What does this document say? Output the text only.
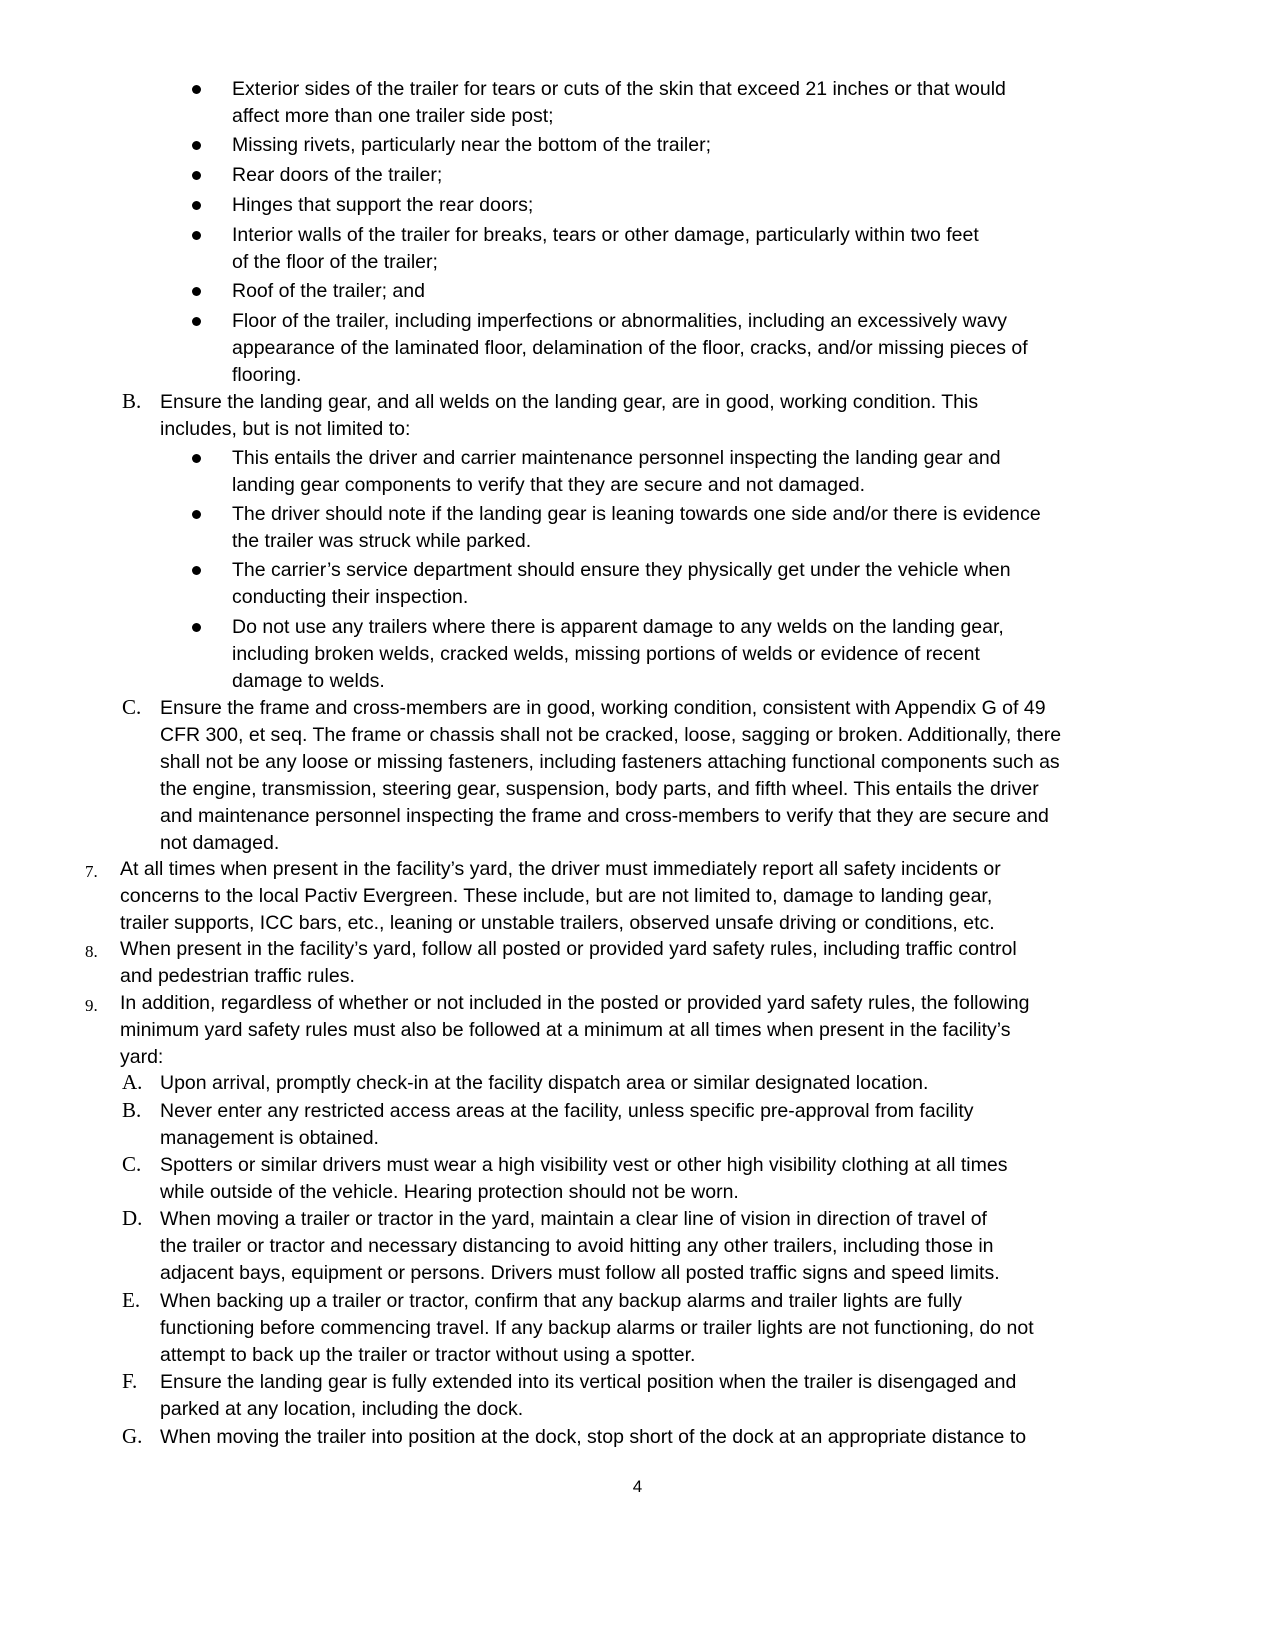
Exterior sides of the trailer for tears or cuts of the skin that exceed 21 inches or that would
affect more than one trailer side post;
Missing rivets, particularly near the bottom of the trailer;
Rear doors of the trailer;
Hinges that support the rear doors;
Interior walls of the trailer for breaks, tears or other damage, particularly within two feet
of the floor of the trailer;
Roof of the trailer; and
Floor of the trailer, including imperfections or abnormalities, including an excessively wavy
appearance of the laminated floor, delamination of the floor, cracks, and/or missing pieces of
flooring.
B. Ensure the landing gear, and all welds on the landing gear, are in good, working condition. This
includes, but is not limited to:
This entails the driver and carrier maintenance personnel inspecting the landing gear and
landing gear components to verify that they are secure and not damaged.
The driver should note if the landing gear is leaning towards one side and/or there is evidence
the trailer was struck while parked.
The carrier’s service department should ensure they physically get under the vehicle when
conducting their inspection.
Do not use any trailers where there is apparent damage to any welds on the landing gear,
including broken welds, cracked welds, missing portions of welds or evidence of recent
damage to welds.
C. Ensure the frame and cross-members are in good, working condition, consistent with Appendix G of 49
CFR 300, et seq. The frame or chassis shall not be cracked, loose, sagging or broken. Additionally, there
shall not be any loose or missing fasteners, including fasteners attaching functional components such as
the engine, transmission, steering gear, suspension, body parts, and fifth wheel. This entails the driver
and maintenance personnel inspecting the frame and cross-members to verify that they are secure and
not damaged.
7.	At all times when present in the facility’s yard, the driver must immediately report all safety incidents or
concerns to the local Pactiv Evergreen. These include, but are not limited to, damage to landing gear,
trailer supports, ICC bars, etc., leaning or unstable trailers, observed unsafe driving or conditions, etc.
8.	When present in the facility’s yard, follow all posted or provided yard safety rules, including traffic control
and pedestrian traffic rules.
9.	In addition, regardless of whether or not included in the posted or provided yard safety rules, the following
minimum yard safety rules must also be followed at a minimum at all times when present in the facility’s
yard:
A. Upon arrival, promptly check-in at the facility dispatch area or similar designated location.
B. Never enter any restricted access areas at the facility, unless specific pre-approval from facility
management is obtained.
C. Spotters or similar drivers must wear a high visibility vest or other high visibility clothing at all times
while outside of the vehicle. Hearing protection should not be worn.
D. When moving a trailer or tractor in the yard, maintain a clear line of vision in direction of travel of
the trailer or tractor and necessary distancing to avoid hitting any other trailers, including those in
adjacent bays, equipment or persons. Drivers must follow all posted traffic signs and speed limits.
E.	When backing up a trailer or tractor, confirm that any backup alarms and trailer lights are fully
functioning before commencing travel. If any backup alarms or trailer lights are not functioning, do not
attempt to back up the trailer or tractor without using a spotter.
F.	Ensure the landing gear is fully extended into its vertical position when the trailer is disengaged and
parked at any location, including the dock.
G. When moving the trailer into position at the dock, stop short of the dock at an appropriate distance to
4
